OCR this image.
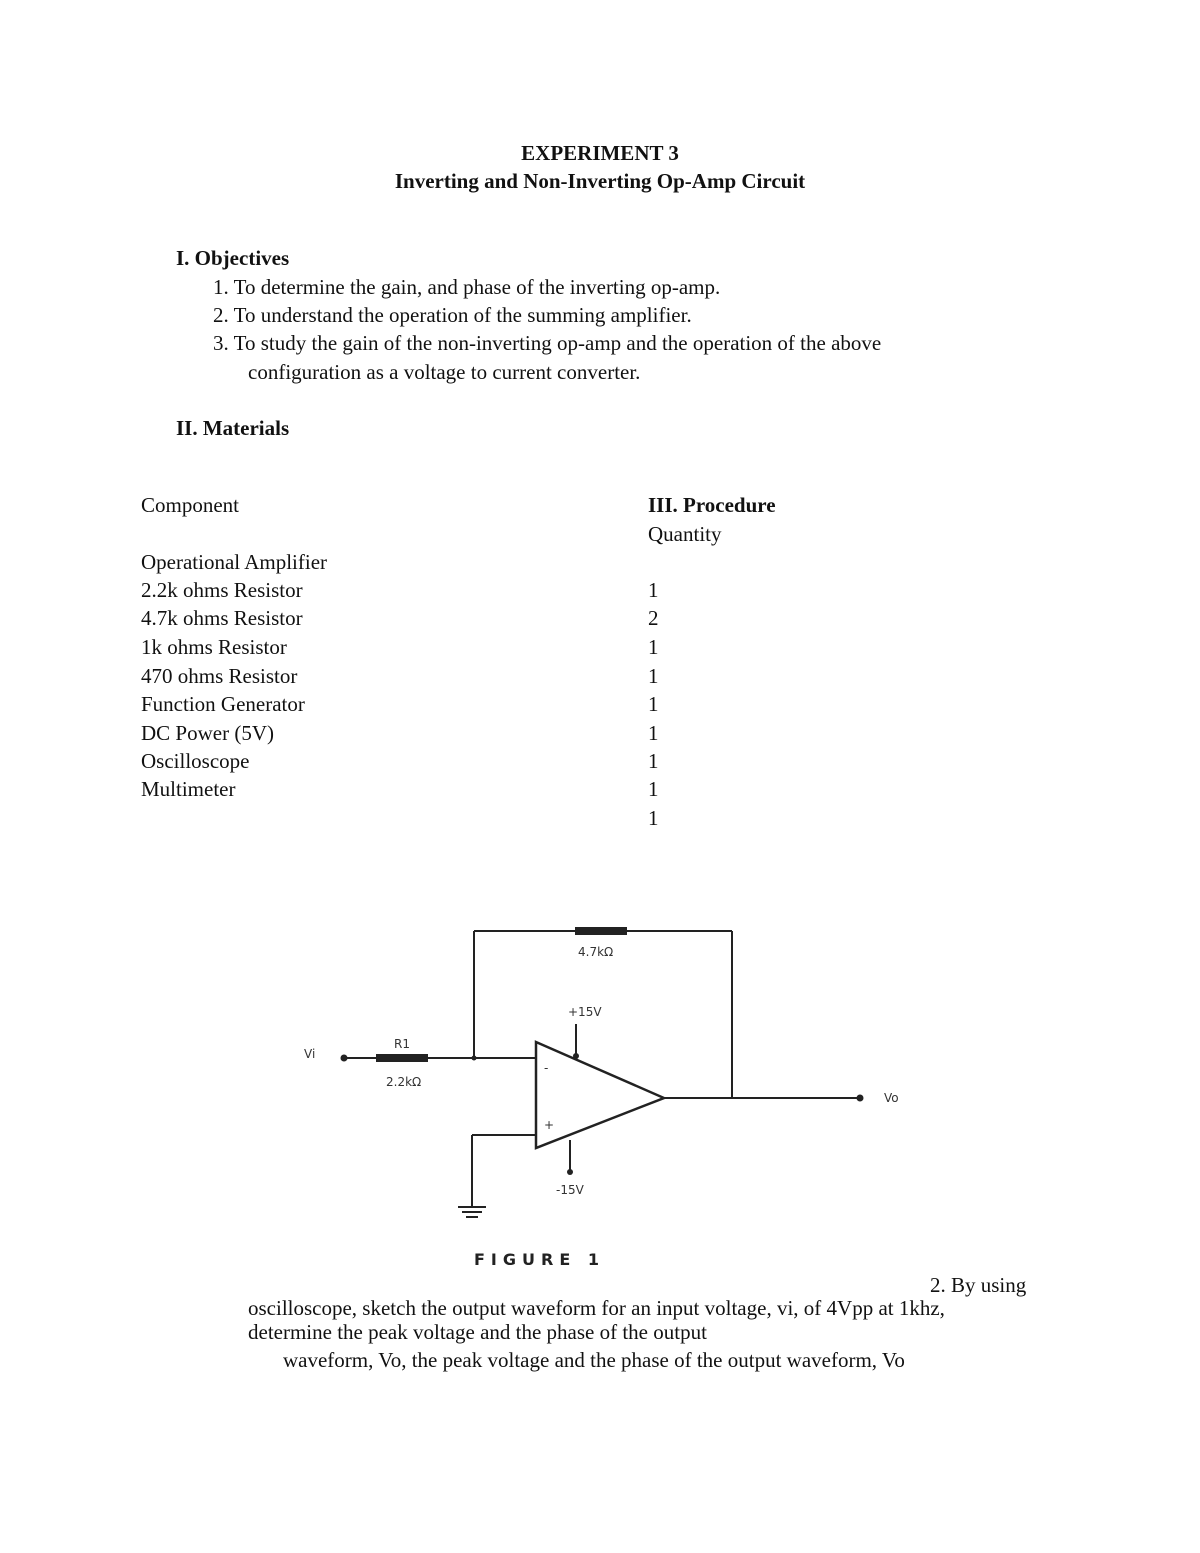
EXPERIMENT 3
Inverting and Non-Inverting Op-Amp Circuit
I. Objectives
1. To determine the gain, and phase of the inverting op-amp.
2. To understand the operation of the summing amplifier.
3. To study the gain of the non-inverting op-amp and the operation of the above
configuration as a voltage to current converter.
II. Materials
Component	III. Procedure
Quantity
Operational Amplifier
2.2k ohms Resistor
4.7k ohms Resistor
1k ohms Resistor
470 ohms Resistor
Function Generator
DC Power (5V)
Oscilloscope
Multimeter
1
2
1
1
1
1
1
1
1
4.7kΩ
R1
2.2kΩ
+15V
-15V
Vi
Vo
-
+
FIGURE 1
2. By using
oscilloscope, sketch the output waveform for an input voltage, vi, of 4Vpp at 1khz,
determine the peak voltage and the phase of the output
waveform, Vo, the peak voltage and the phase of the output waveform, Vo
